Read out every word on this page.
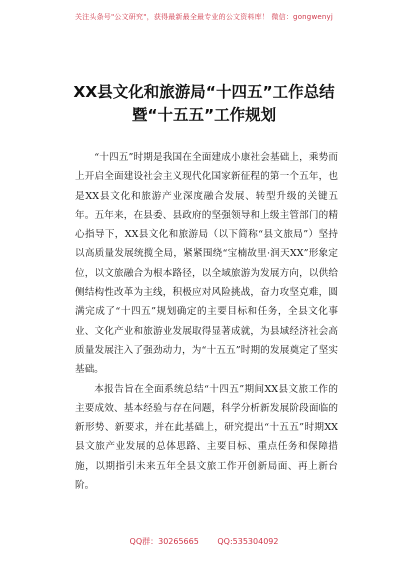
关注头条号"公文研究"，获得最新最全最专业的公文资料库！ 微信：gongwenyj
XX县文化和旅游局“十四五”工作总结
暨“十五五”工作规划

“十四五”时期是我国在全面建成小康社会基础上，乘势而上开启全面建设社会主义现代化国家新征程的第一个五年，也是XX县文化和旅游产业深度融合发展、转型升级的关键五年。五年来，在县委、县政府的坚强领导和上级主管部门的精心指导下，XX县文化和旅游局（以下简称“县文旅局”）坚持以高质量发展统揽全局，紧紧围绕“宝楠故里·润天XX”形象定位，以文旅融合为根本路径，以全域旅游为发展方向，以供给侧结构性改革为主线，积极应对风险挑战，奋力攻坚克难，圆满完成了“十四五”规划确定的主要目标和任务，全县文化事业、文化产业和旅游业发展取得显著成就，为县域经济社会高质量发展注入了强劲动力，为“十五五”时期的发展奠定了坚实基础。

本报告旨在全面系统总结“十四五”期间XX县文旅工作的主要成效、基本经验与存在问题，科学分析新发展阶段面临的新形势、新要求，并在此基础上，研究提出“十五五”时期XX县文旅产业发展的总体思路、主要目标、重点任务和保障措施，以期指引未来五年全县文旅工作开创新局面、再上新台阶。

QQ群：30265665 QQ:535304092
